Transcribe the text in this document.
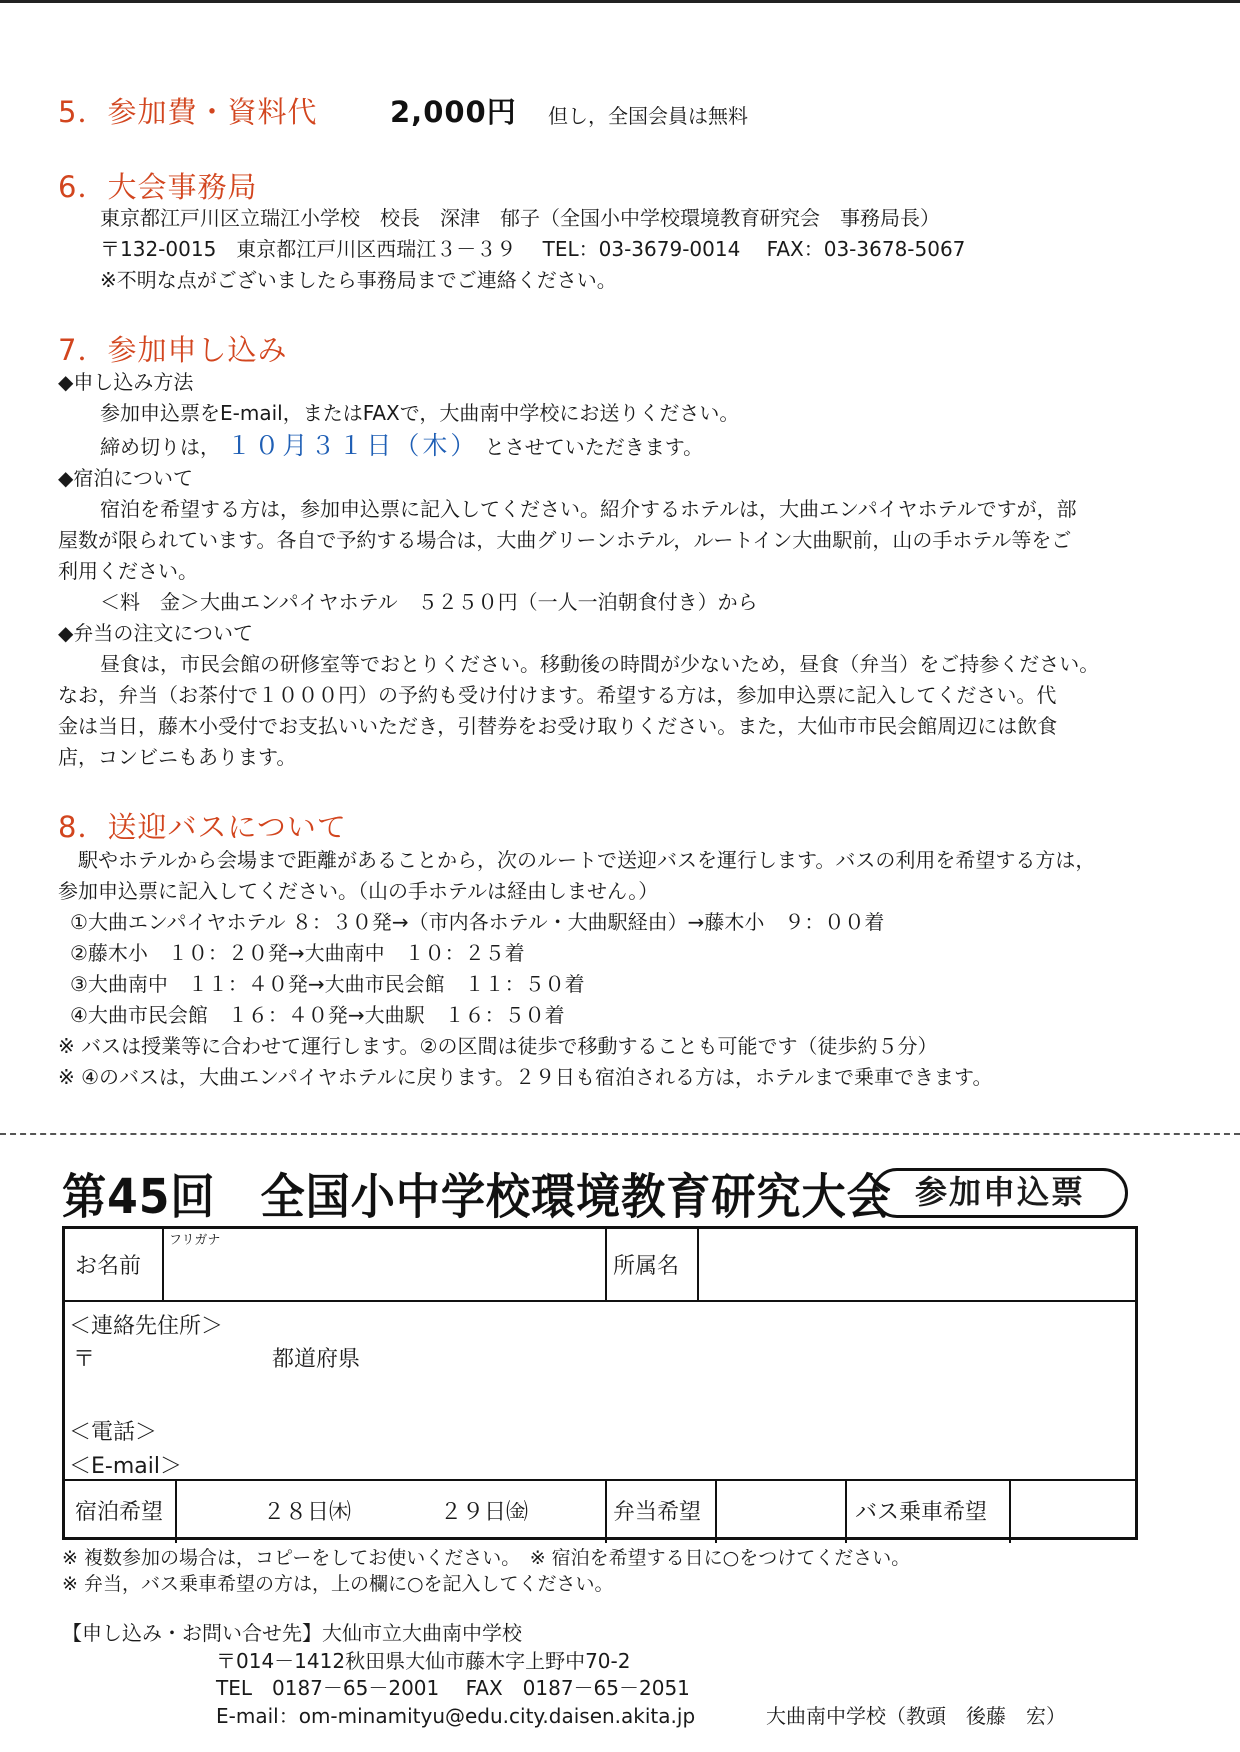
5．参加費・資料代	2,000円 但し，全国会員は無料
6．大会事務局
東京都江戸川区立瑞江小学校　校長　深津　郁子（全国小中学校環境教育研究会　事務局長）
〒132-0015　東京都江戸川区西瑞江３－３９　 TEL：03-3679-0014　 FAX：03-3678-5067
※不明な点がございましたら事務局までご連絡ください。
7．参加申し込み
◆申し込み方法
参加申込票をE-mail，またはFAXで，大曲南中学校にお送りください。
締め切りは， １０月３１日（木） とさせていただきます。
◆宿泊について
　宿泊を希望する方は，参加申込票に記入してください。紹介するホテルは，大曲エンパイヤホテルですが，部
屋数が限られています。各自で予約する場合は，大曲グリーンホテル，ルートイン大曲駅前，山の手ホテル等をご
利用ください。
＜料　金＞大曲エンパイヤホテル　５２５０円（一人一泊朝食付き）から
◆弁当の注文について
　昼食は，市民会館の研修室等でおとりください。移動後の時間が少ないため，昼食（弁当）をご持参ください。
なお，弁当（お茶付で１０００円）の予約も受け付けます。希望する方は，参加申込票に記入してください。代
金は当日，藤木小受付でお支払いいただき，引替券をお受け取りください。また，大仙市市民会館周辺には飲食
店，コンビニもあります。
8．送迎バスについて
　駅やホテルから会場まで距離があることから，次のルートで送迎バスを運行します。バスの利用を希望する方は，
参加申込票に記入してください。（山の手ホテルは経由しません。）
①大曲エンパイヤホテル ８：３０発→（市内各ホテル・大曲駅経由）→藤木小　９：００着
②藤木小　１０：２０発→大曲南中　１０：２５着
③大曲南中　１１：４０発→大曲市民会館　１１：５０着
④大曲市民会館　１６：４０発→大曲駅　１６：５０着
※ バスは授業等に合わせて運行します。②の区間は徒歩で移動することも可能です（徒歩約５分）
※ ④のバスは，大曲エンパイヤホテルに戻ります。２９日も宿泊される方は，ホテルまで乗車できます。
第45回　全国小中学校環境教育研究大会 参加申込票
お名前
フリガナ
所属名
＜連絡先住所＞
〒	都道府県
＜電話＞
＜E-mail＞
宿泊希望	２８日㈭	２９日㈮	弁当希望	バス乗車希望
※ 複数参加の場合は，コピーをしてお使いください。　※ 宿泊を希望する日に○をつけてください。
※ 弁当，バス乗車希望の方は，上の欄に○を記入してください。
【申し込み・お問い合せ先】大仙市立大曲南中学校
〒014－1412秋田県大仙市藤木字上野中70-2
TEL　0187－65－2001　 FAX　0187－65－2051
E-mail：om-minamityu@edu.city.daisen.akita.jp	大曲南中学校（教頭　後藤　宏）
